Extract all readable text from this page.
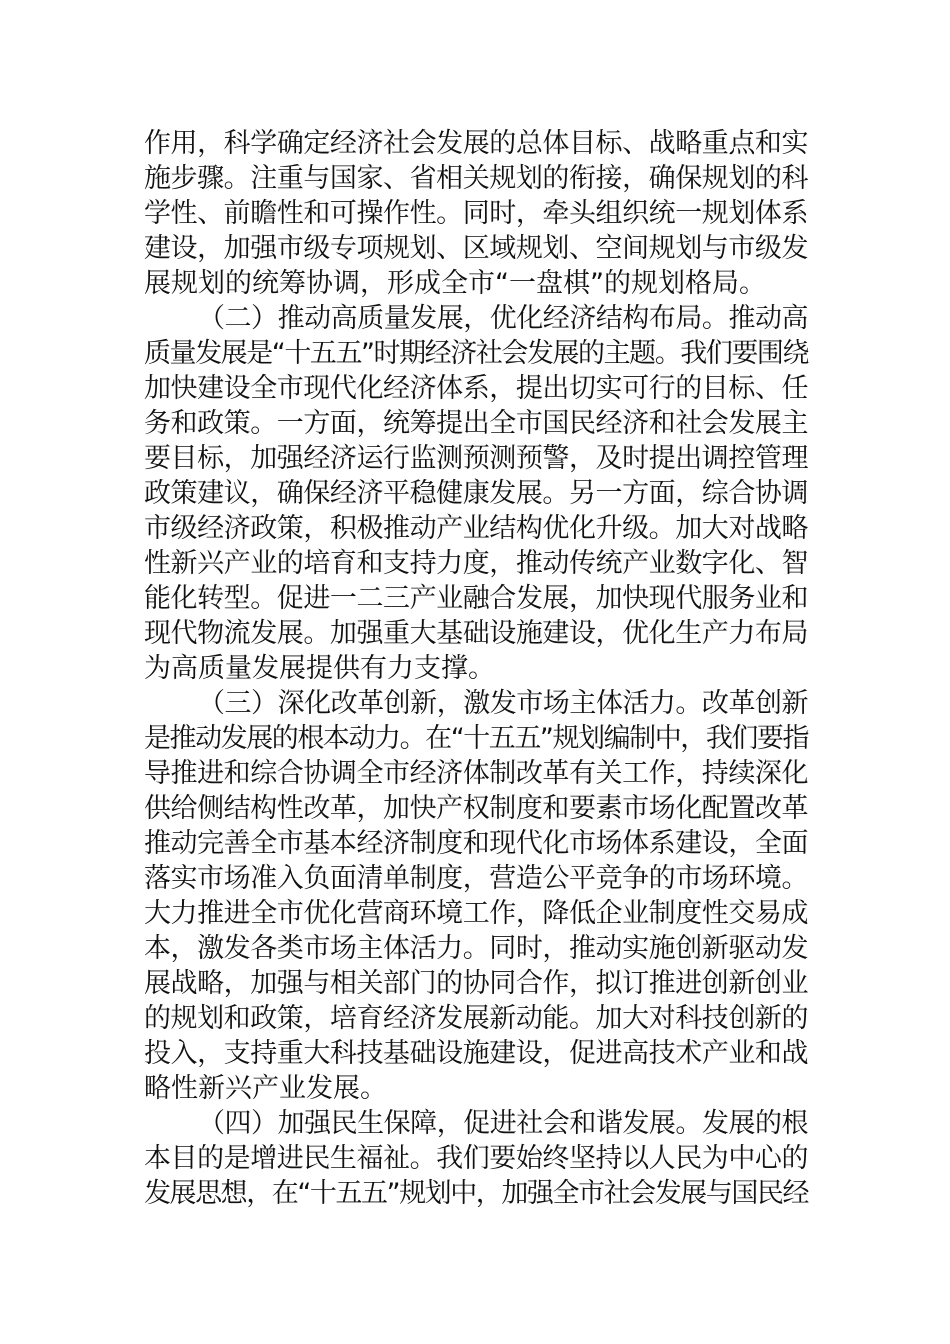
作用，科学确定经济社会发展的总体目标、战略重点和实
施步骤。注重与国家、省相关规划的衔接，确保规划的科
学性、前瞻性和可操作性。同时，牵头组织统一规划体系
建设，加强市级专项规划、区域规划、空间规划与市级发
展规划的统筹协调，形成全市“一盘棋”的规划格局。
（二）推动高质量发展，优化经济结构布局。推动高
质量发展是“十五五”时期经济社会发展的主题。我们要围绕
加快建设全市现代化经济体系，提出切实可行的目标、任
务和政策。一方面，统筹提出全市国民经济和社会发展主
要目标，加强经济运行监测预测预警，及时提出调控管理
政策建议，确保经济平稳健康发展。另一方面，综合协调
市级经济政策，积极推动产业结构优化升级。加大对战略
性新兴产业的培育和支持力度，推动传统产业数字化、智
能化转型。促进一二三产业融合发展，加快现代服务业和
现代物流发展。加强重大基础设施建设，优化生产力布局
为高质量发展提供有力支撑。
（三）深化改革创新，激发市场主体活力。改革创新
是推动发展的根本动力。在“十五五”规划编制中，我们要指
导推进和综合协调全市经济体制改革有关工作，持续深化
供给侧结构性改革，加快产权制度和要素市场化配置改革
推动完善全市基本经济制度和现代化市场体系建设，全面
落实市场准入负面清单制度，营造公平竞争的市场环境。
大力推进全市优化营商环境工作，降低企业制度性交易成
本，激发各类市场主体活力。同时，推动实施创新驱动发
展战略，加强与相关部门的协同合作，拟订推进创新创业
的规划和政策，培育经济发展新动能。加大对科技创新的
投入，支持重大科技基础设施建设，促进高技术产业和战
略性新兴产业发展。
（四）加强民生保障，促进社会和谐发展。发展的根
本目的是增进民生福祉。我们要始终坚持以人民为中心的
发展思想，在“十五五”规划中，加强全市社会发展与国民经
